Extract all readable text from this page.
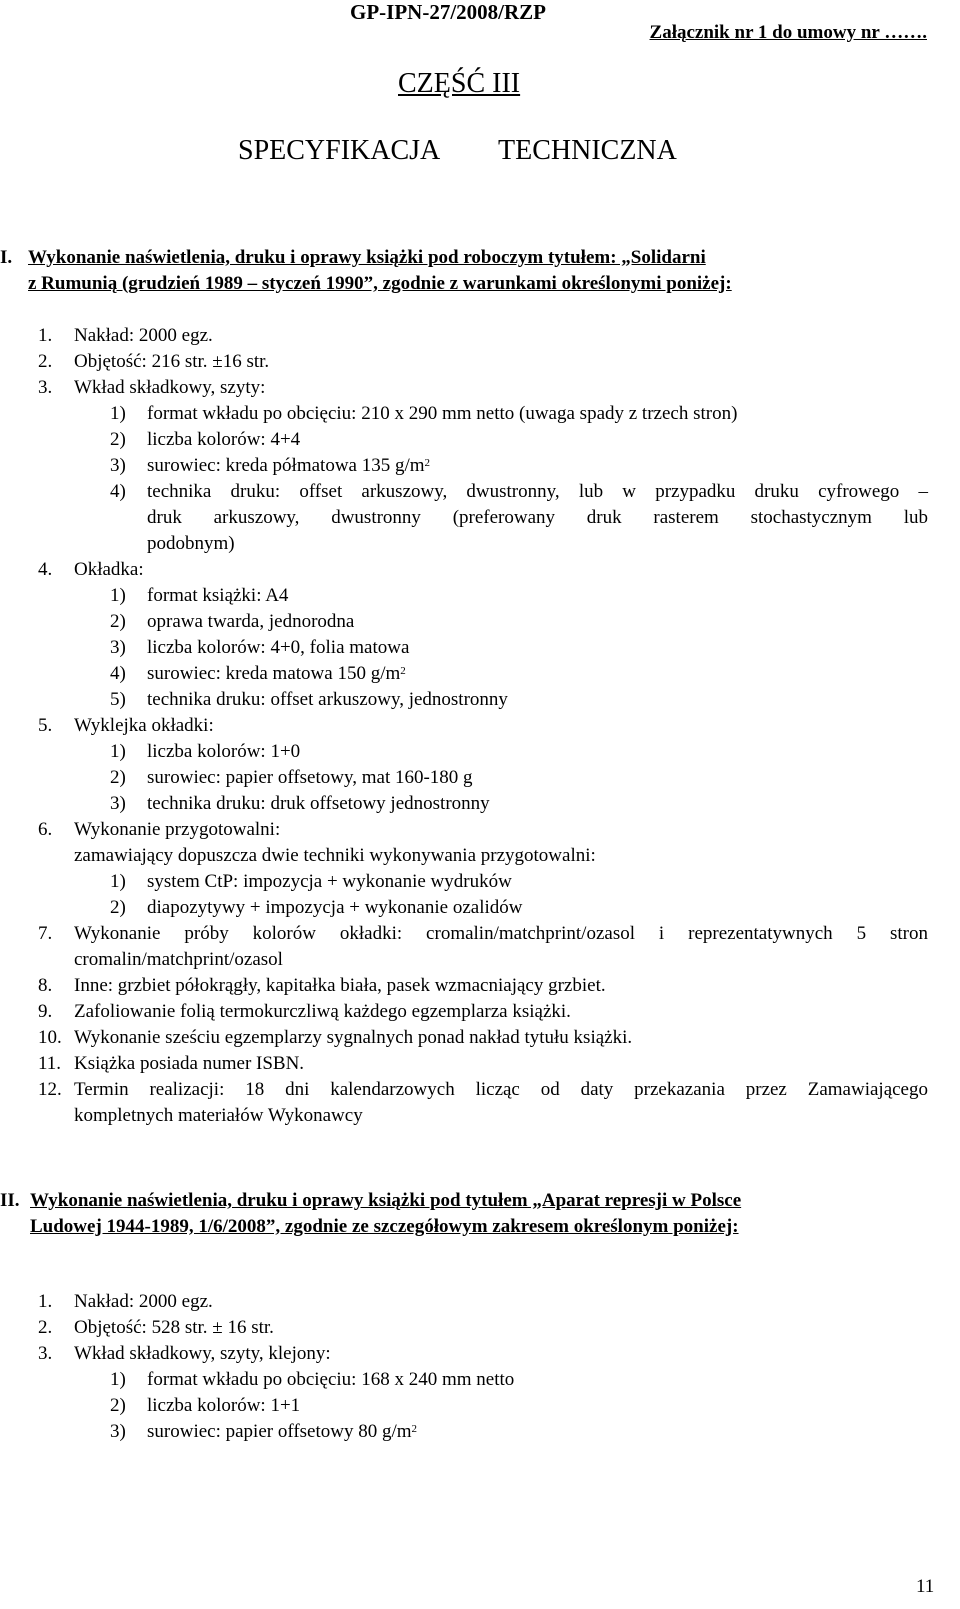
GP-IPN-27/2008/RZP
CZĘŚĆ III
SPECYFIKACJA TECHNICZNA
Załącznik nr 1 do umowy nr …….
I. Wykonanie naświetlenia, druku i oprawy książki pod roboczym tytułem: „Solidarni
z Rumunią (grudzień 1989 – styczeń 1990”, zgodnie z warunkami określonymi poniżej:
1. Nakład: 2000 egz.
2. Objętość: 216 str. ±16 str.
3. Wkład składkowy, szyty:
1) format wkładu po obcięciu: 210 x 290 mm netto (uwaga spady z trzech stron)
2) liczba kolorów: 4+4
3) surowiec: kreda półmatowa 135 $g/m^2$
4) technika druku: offset arkuszowy, dwustronny, lub w przypadku druku cyfrowego –
druk arkuszowy, dwustronny (preferowany druk rasterem stochastycznym lub
podobnym)
4. Okładka:
1) format książki: A4
2) oprawa twarda, jednorodna
3) liczba kolorów: 4+0, folia matowa
4) surowiec: kreda matowa 150 $g/m^2$
5) technika druku: offset arkuszowy, jednostronny
5. Wyklejka okładki:
1) liczba kolorów: 1+0
2) surowiec: papier offsetowy, mat 160-180 g
3) technika druku: druk offsetowy jednostronny
6. Wykonanie przygotowalni:
zamawiający dopuszcza dwie techniki wykonywania przygotowalni:
1) system CtP: impozycja + wykonanie wydruków
2) diapozytywy + impozycja + wykonanie ozalidów
7. Wykonanie próby kolorów okładki: cromalin/matchprint/ozasol i reprezentatywnych 5 stron
cromalin/matchprint/ozasol
8. Inne: grzbiet półokrągły, kapitałka biała, pasek wzmacniający grzbiet.
9. Zafoliowanie folią termokurczliwą każdego egzemplarza książki.
10. Wykonanie sześciu egzemplarzy sygnalnych ponad nakład tytułu książki.
11. Książka posiada numer ISBN.
12. Termin realizacji: 18 dni kalendarzowych licząc od daty przekazania przez Zamawiającego
kompletnych materiałów Wykonawcy
II. Wykonanie naświetlenia, druku i oprawy książki pod tytułem „Aparat represji w Polsce
Ludowej 1944-1989, 1/6/2008”, zgodnie ze szczegółowym zakresem określonym poniżej:
1. Nakład: 2000 egz.
2. Objętość: 528 str. ± 16 str.
3. Wkład składkowy, szyty, klejony:
1) format wkładu po obcięciu: 168 x 240 mm netto
2) liczba kolorów: 1+1
3) surowiec: papier offsetowy 80 $g/m^2$
11
